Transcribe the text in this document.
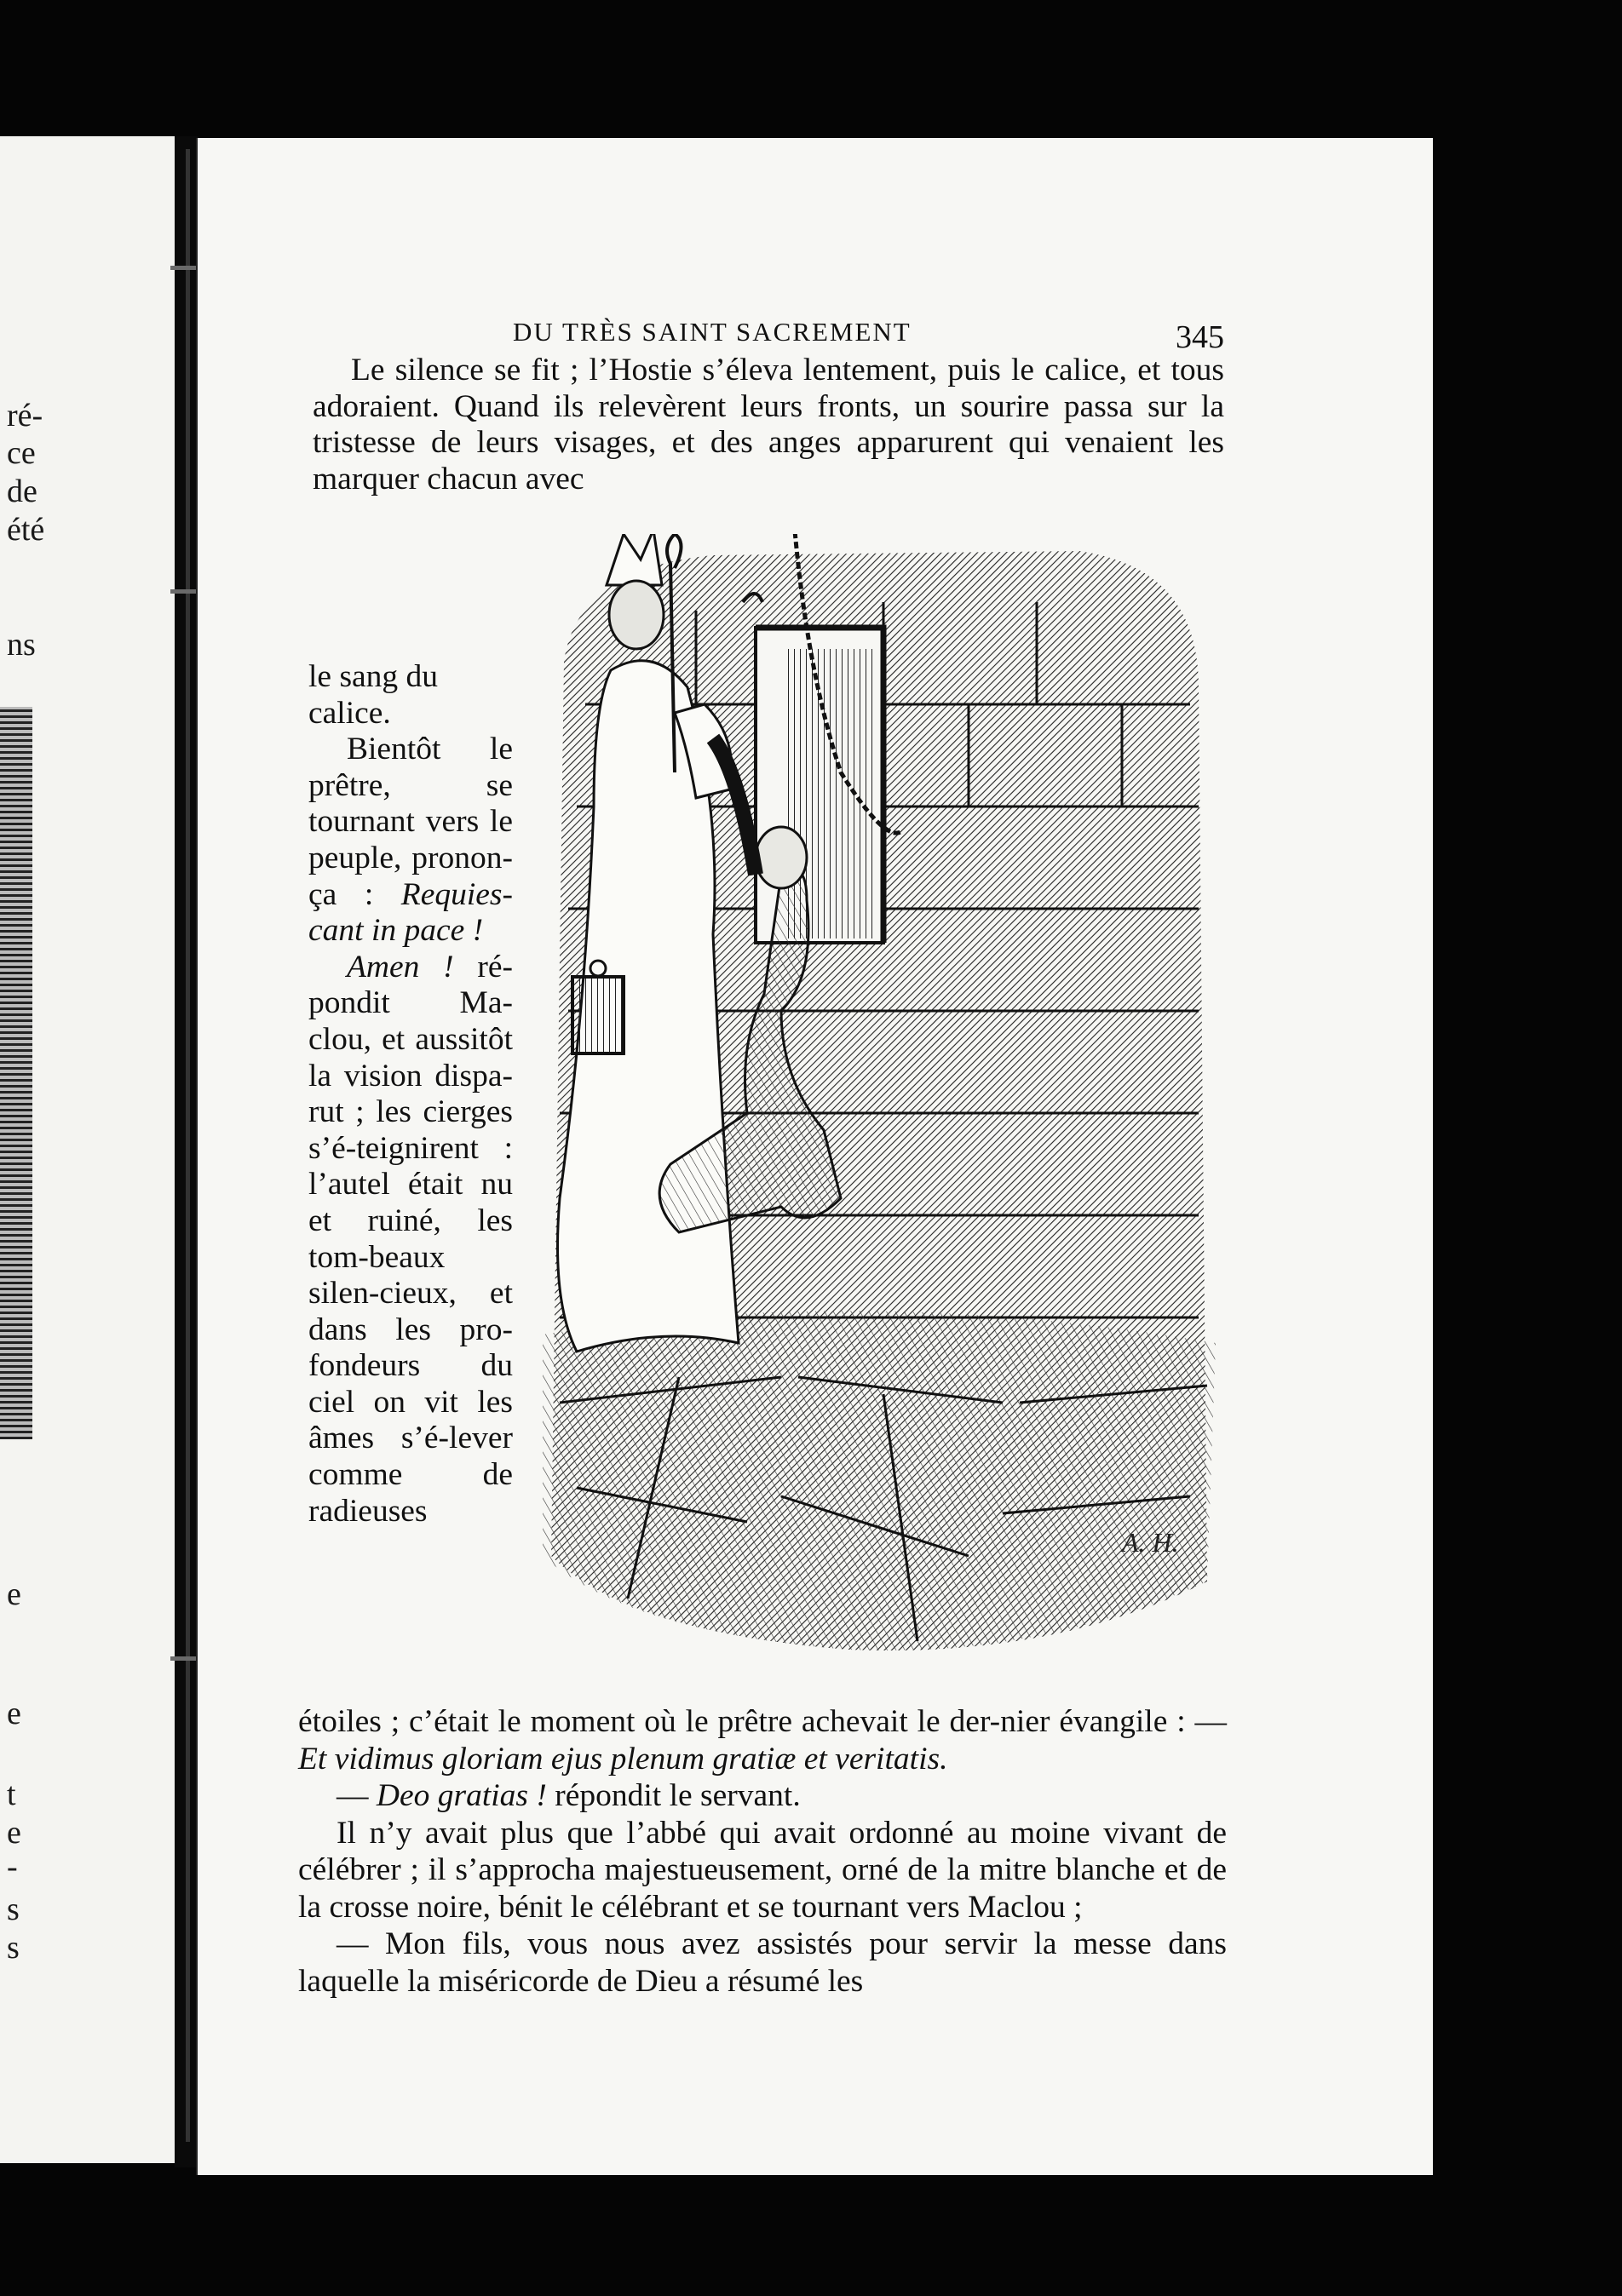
ré-
ce
de
été
ns
e
e
t
e
-
s
s
DU TRÈS SAINT SACREMENT	345

Le silence se fit ; l’Hostie s’éleva lentement, puis le calice, et tous adoraient. Quand ils relevèrent leurs fronts, un sourire passa sur la tristesse de leurs visages, et des anges apparurent qui venaient les marquer chacun avec

le sang du

calice.

Bientôt le prêtre, se tournant vers le peuple, pronon-ça : Requies-cant in pace !

Amen ! ré-pondit Ma-clou, et aussitôt la vision dispa-rut ; les cierges s’é-teignirent : l’autel était nu et ruiné, les tom-beaux silen-cieux, et dans les pro-fondeurs du ciel on vit les âmes s’é-lever comme de radieuses

A. H.

étoiles ; c’était le moment où le prêtre achevait le der-nier évangile : — Et vidimus gloriam ejus plenum gratiæ et veritatis.

— Deo gratias ! répondit le servant.

Il n’y avait plus que l’abbé qui avait ordonné au moine vivant de célébrer ; il s’approcha majestueusement, orné de la mitre blanche et de la crosse noire, bénit le célébrant et se tournant vers Maclou ;

— Mon fils, vous nous avez assistés pour servir la messe dans laquelle la miséricorde de Dieu a résumé les
